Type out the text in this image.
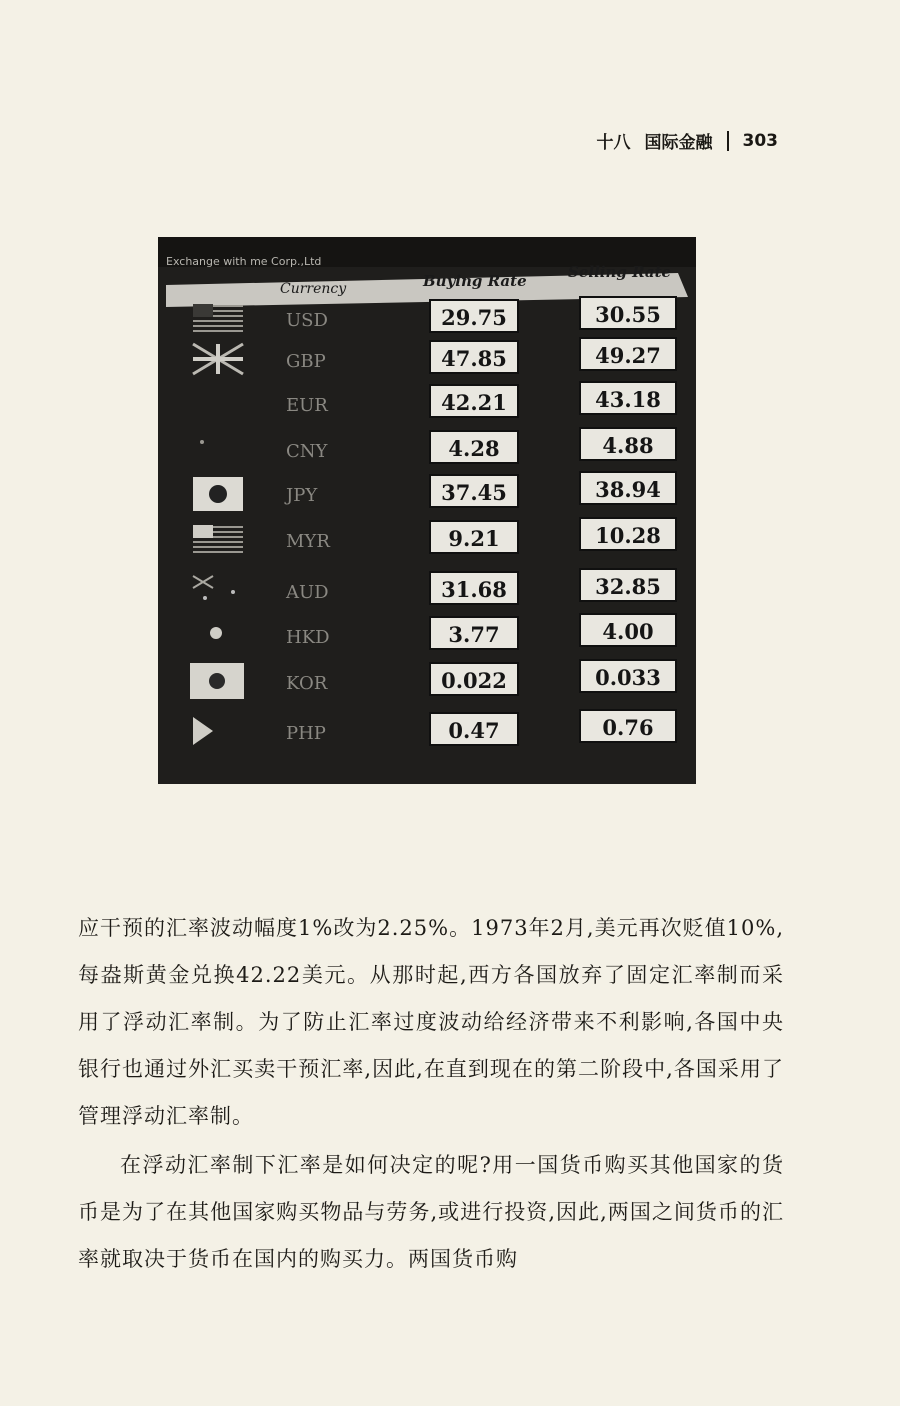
十八 国际金融 303
Exchange with me Corp.,Ltd
Currency	Buying Rate	Selling Rate
USD	29.75	30.55
GBP	47.85	49.27
EUR	42.21	43.18
CNY	4.28	4.88
JPY	37.45	38.94
MYR	9.21	10.28
AUD	31.68	32.85
HKD	3.77	4.00
KOR	0.022	0.033
PHP	0.47	0.76

应干预的汇率波动幅度1%改为2.25%。1973年2月,美元再次贬值10%,每盎斯黄金兑换42.22美元。从那时起,西方各国放弃了固定汇率制而采用了浮动汇率制。为了防止汇率过度波动给经济带来不利影响,各国中央银行也通过外汇买卖干预汇率,因此,在直到现在的第二阶段中,各国采用了管理浮动汇率制。

在浮动汇率制下汇率是如何决定的呢?用一国货币购买其他国家的货币是为了在其他国家购买物品与劳务,或进行投资,因此,两国之间货币的汇率就取决于货币在国内的购买力。两国货币购
